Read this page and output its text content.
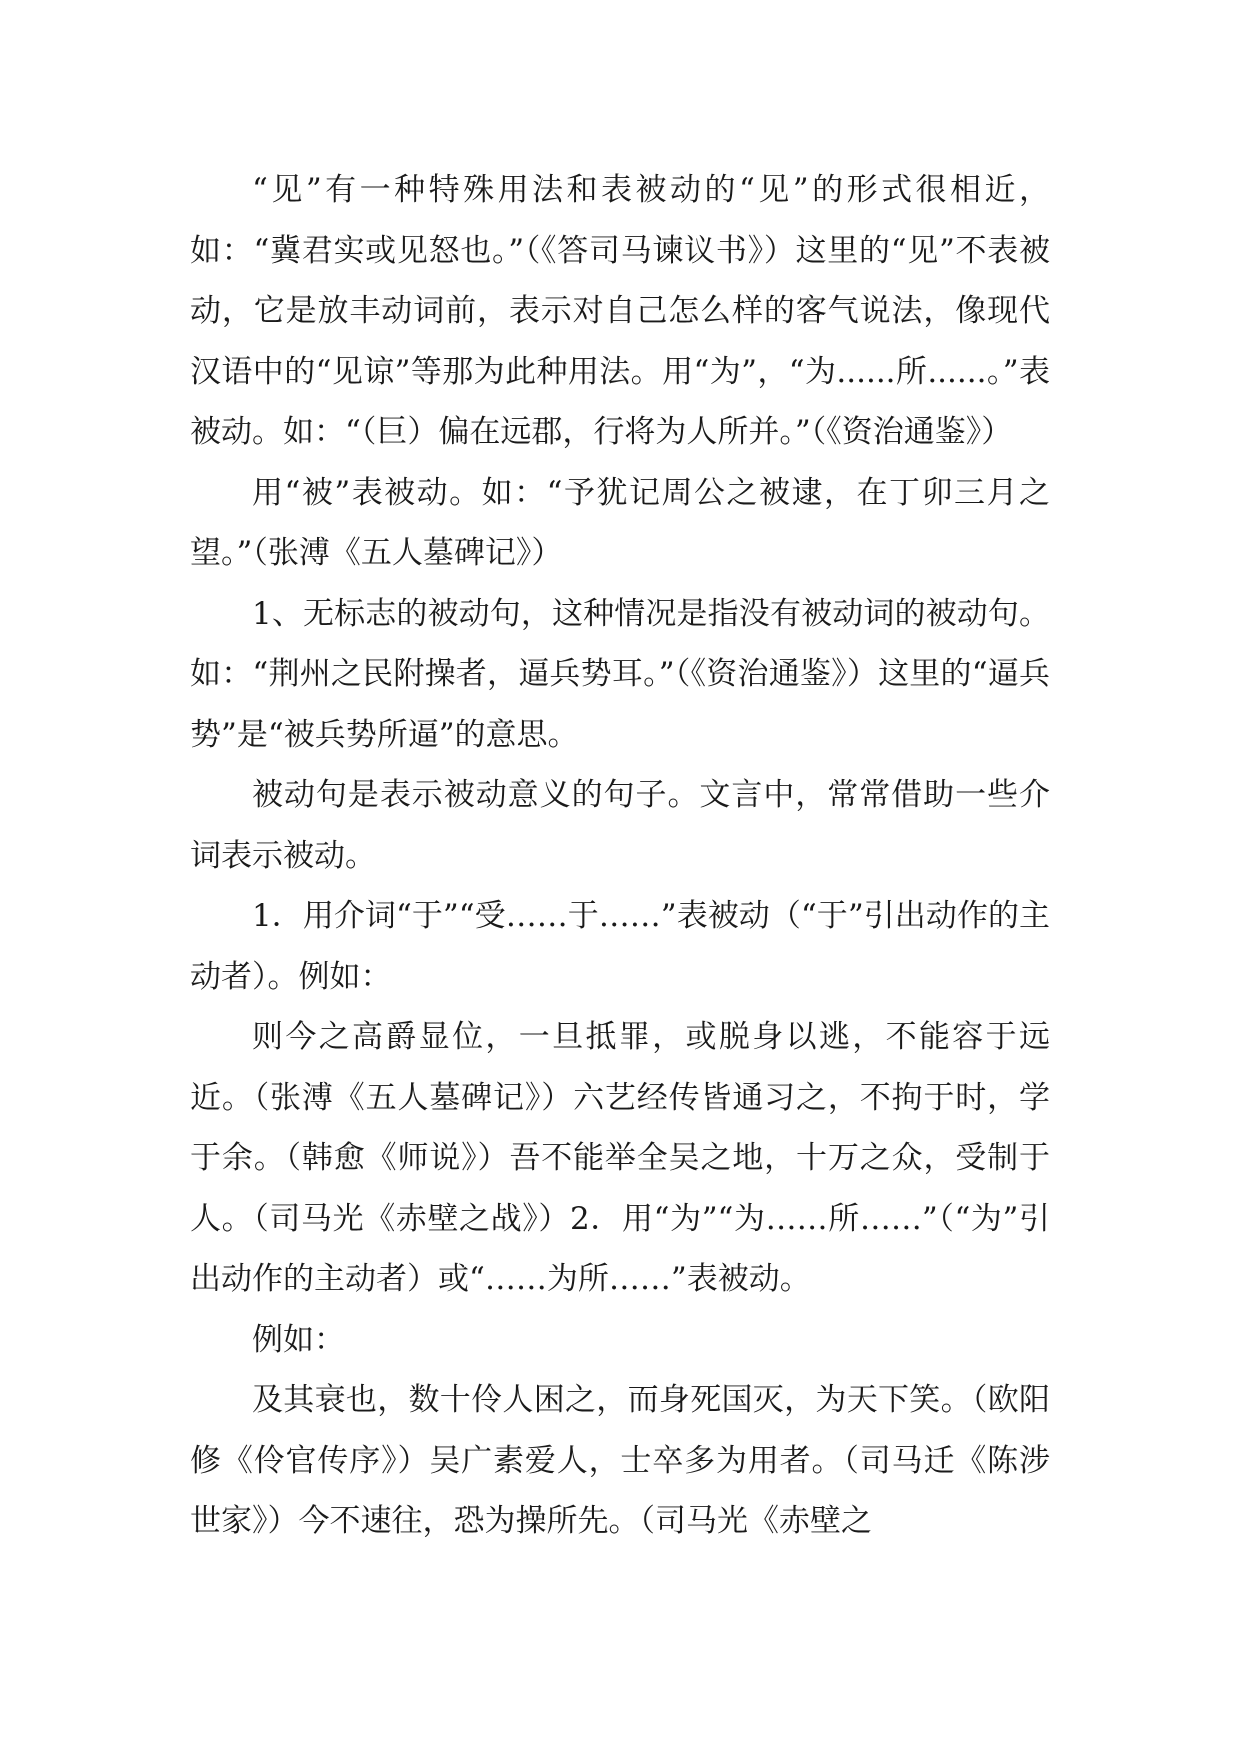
“见”有一种特殊用法和表被动的“见”的形式很相近，如：“冀君实或见怒也。”（《答司马谏议书》）这里的“见”不表被动，它是放丰动词前，表示对自己怎么样的客气说法，像现代汉语中的“见谅”等那为此种用法。用“为”，“为......所......。”表被动。如：“（巨）偏在远郡，行将为人所并。”（《资治通鉴》）

用“被”表被动。如：“予犹记周公之被逮，在丁卯三月之望。”（张溥《五人墓碑记》）

1、无标志的被动句，这种情况是指没有被动词的被动句。如：“荆州之民附操者，逼兵势耳。”（《资治通鉴》）这里的“逼兵势”是“被兵势所逼”的意思。

被动句是表示被动意义的句子。文言中，常常借助一些介词表示被动。

1．用介词“于”“受……于……”表被动（“于”引出动作的主动者）。例如：

则今之高爵显位，一旦抵罪，或脱身以逃，不能容于远近。（张溥《五人墓碑记》）六艺经传皆通习之，不拘于时，学于余。（韩愈《师说》）吾不能举全吴之地，十万之众，受制于人。（司马光《赤壁之战》）2．用“为”“为……所……”（“为”引出动作的主动者）或“……为所……”表被动。

例如：

及其衰也，数十伶人困之，而身死国灭，为天下笑。（欧阳修《伶官传序》）吴广素爱人，士卒多为用者。（司马迁《陈涉世家》）今不速往，恐为操所先。（司马光《赤壁之
